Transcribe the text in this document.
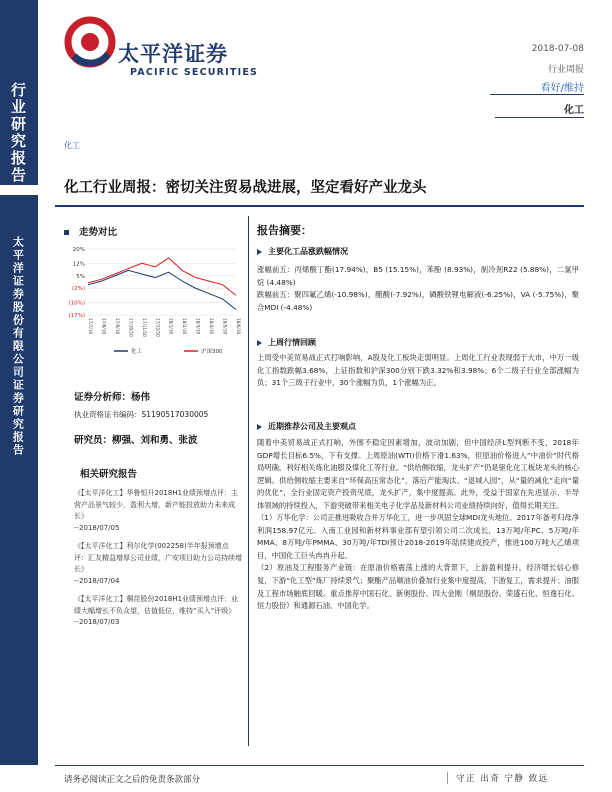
行业研究报告
太平洋证券股份有限公司证券研究报告
太平洋证券
PACIFIC SECURITIES
2018-07-08
行业周报
看好/维持
化工
化工
化工行业周报：密切关注贸易战进展，坚定看好产业龙头
走势对比
20%
12%
5%
(2%)
(10%)
(17%)
17/7/10 17/8/10 17/9/10 17/10/10 17/11/10 17/12/10 18/1/10 18/2/10 18/3/10 18/4/10 18/5/10 18/6/10
化工	沪深300
证券分析师：杨伟
执业资格证书编码：S1190517030005
研究员：柳强、刘和勇、张波
相关研究报告
《【太平洋化工】华鲁恒升2018H1业绩预增点评：主营产品景气较少，盈利大增，新产能投放助力未来成长》
--2018/07/05
《【太平洋化工】利尔化学(002258)半年报预增点评：汇友精益增厚公司业绩，广安项目助力公司持续增长》
--2018/07/04
《【太平洋化工】桐昆股份2018H1业绩预增点评：业绩大幅增长不负众望，估值低位，维持“买入”评级》
--2018/07/03
报告摘要：
主要化工品涨跌幅情况
涨幅前五：丙烯酸丁酯(17.94%)，B5 (15.15%)，苯酚 (8.93%)，制冷剂R22 (5.88%)，二氯甲烷 (4.48%)
跌幅前五：聚四氟乙烯(-10.98%)，醋酸(-7.92%)，磷酸铁锂电解液(-6.25%)，VA (-5.75%)，聚合MDI (-4.48%)
上周行情回顾
上周受中美贸易战正式打响影响，A股及化工板块走弱明显。上周化工行业表现弱于大市，中万一级化工指数跌幅3.68%，上证指数和沪深300分别下跌3.32%和3.98%；6个二级子行业全部涨幅为负；31个三级子行业中，30个涨幅为负，1个涨幅为正。
近期推荐公司及主要观点
随着中美贸易战正式打响，外围不稳定因素增加，波动加剧，但中国经济L型判断不变，2018年GDP增长目标6.5%，下有支撑。上周原油(WTI)价格下滑1.63%，但原油价格进入“中油价”时代格局明确，利好相关炼化油服及煤化工等行业。“供给侧收缩，龙头扩产”仍是驱化化工板块龙头的核心逻辑。供给侧收缩主要来自“环保高压常态化”、落后产能淘汰、“退城入园”，从“量的减化”走向“量的优化”，全行业固定资产投资见底，龙头扩产，集中度提高。此外，受益于国家在先进显示、半导体领域的持续投入，下游突破带来相关电子化学品及新材料公司业绩持续向好，值得长期关注。
（1）万华化学：公司正推进吸收合并万华化工，进一步巩固全球MDI龙头地位。2017年备考归母净利润158.97亿元。入南工业园和新材料事业部有望引领公司二次成长，13万吨/年PC、5万吨/年MMA、8万吨/年PMMA、30万吨/年TDI预计2018-2019年陆续建成投产，推进100万吨大乙烯项目，中国化工巨头冉冉升起。
（2）原油及工程服务产业链：在原油价格震荡上涨的大背景下，上游盈利提升，经济增长信心修复，下游“化工型”炼厂持续景气；聚酯产品顺油价叠加行业集中度提高，下游复工，需求提升；油服及工程市场触底回暖。重点推荐中国石化、新奥股份、四大金刚（桐昆股份、荣盛石化、恒逸石化、恒力股份）和通源石油、中国化学。
请务必阅读正文之后的免责条款部分	守正 出奇 宁静 致远
